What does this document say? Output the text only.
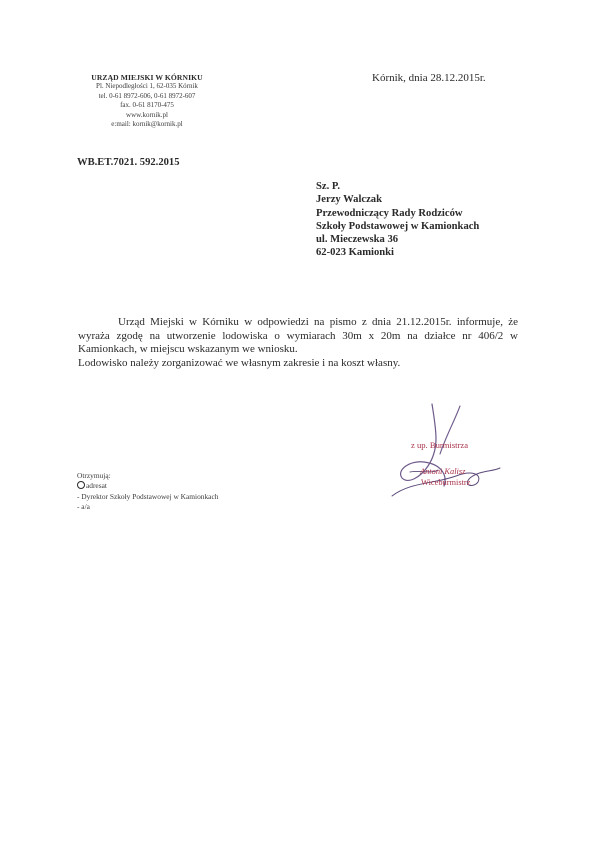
URZĄD MIEJSKI W KÓRNIKU
Pl. Niepodległości 1, 62-035 Kórnik
tel. 0-61 8972-606, 0-61 8972-607
fax. 0-61 8170-475
www.kornik.pl
e:mail: kornik@kornik.pl
Kórnik, dnia 28.12.2015r.
WB.ET.7021. 592.2015
Sz. P.
Jerzy Walczak
Przewodniczący Rady Rodziców
Szkoły Podstawowej w Kamionkach
ul. Mieczewska 36
62-023 Kamionki
Urząd Miejski w Kórniku w odpowiedzi na pismo z dnia 21.12.2015r. informuje, że wyraża zgodę na utworzenie lodowiska o wymiarach 30m x 20m na działce nr 406/2 w Kamionkach, w miejscu wskazanym we wniosku.
Lodowisko należy zorganizować we własnym zakresie i na koszt własny.
z up. Burmistrza
Antoni Kalisz
Wiceburmistrz
Otrzymują:
adresat
- Dyrektor Szkoły Podstawowej w Kamionkach
- a/a
